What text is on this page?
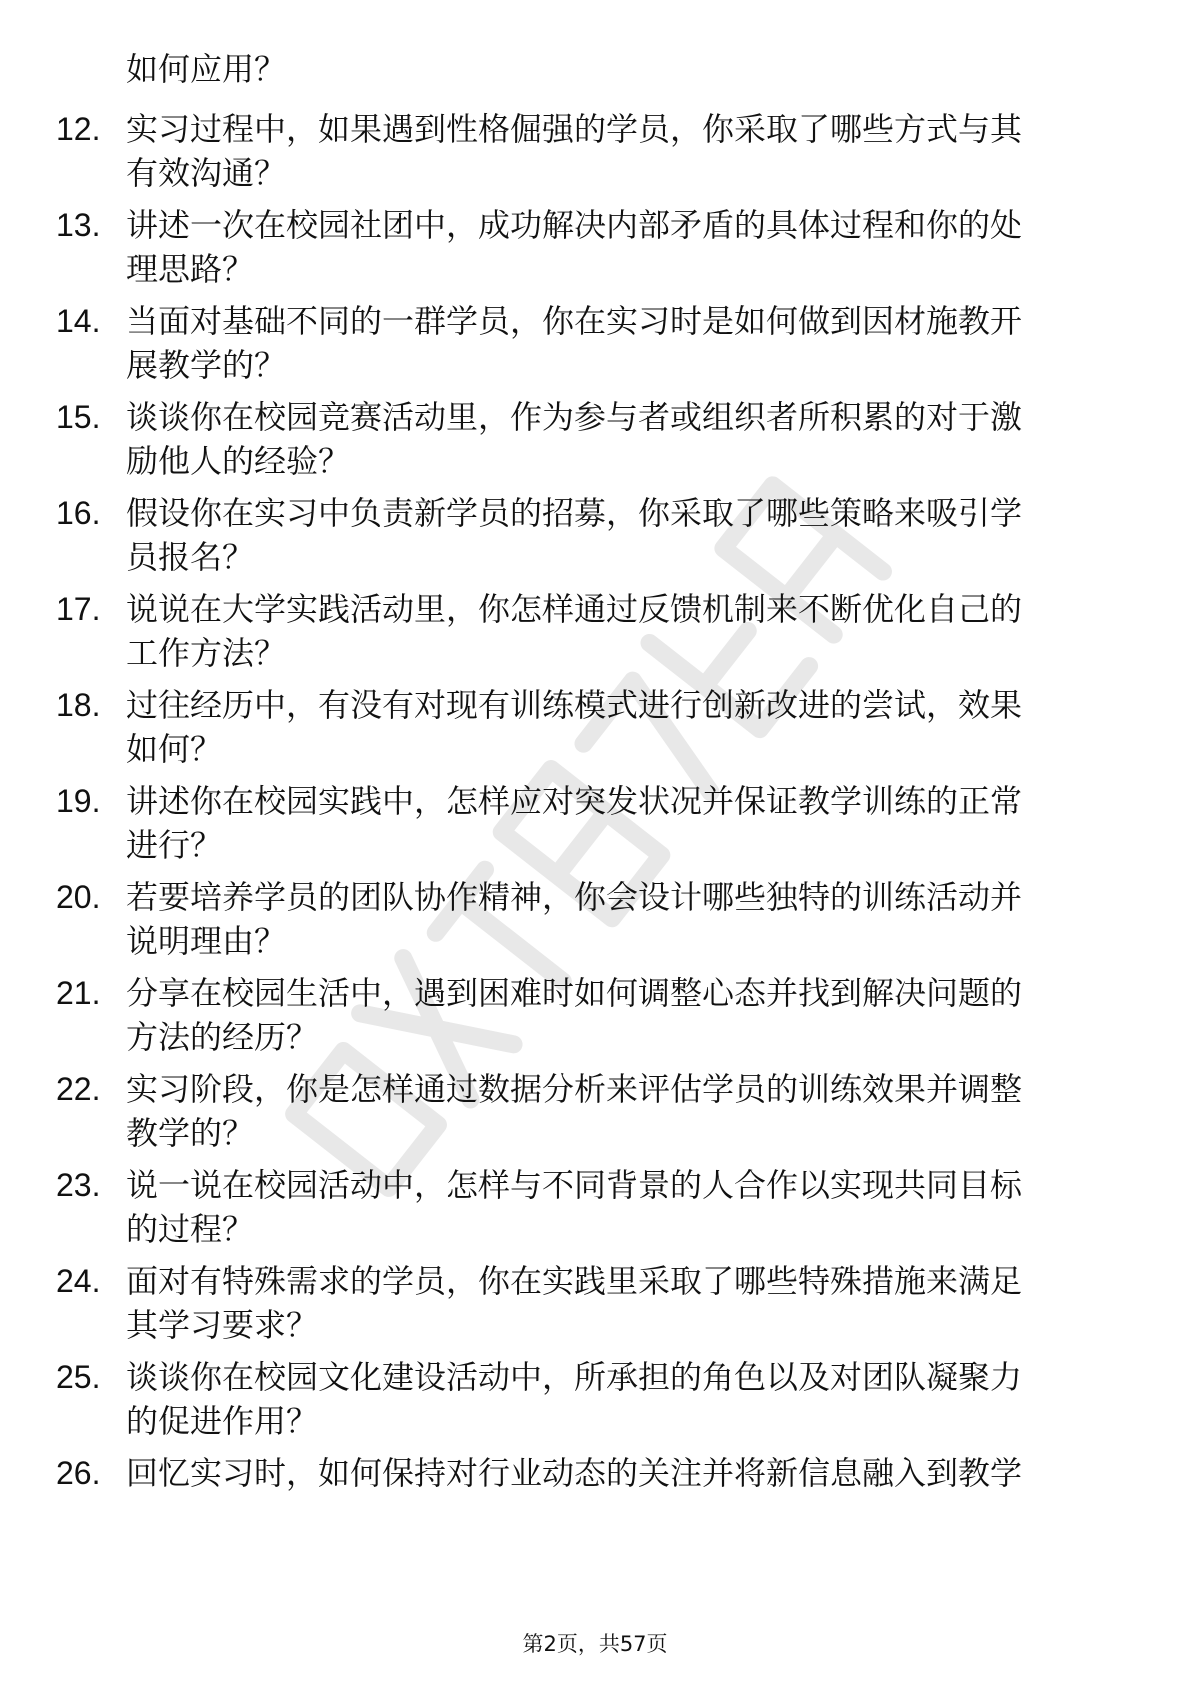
如何应用？
12. 实习过程中，如果遇到性格倔强的学员，你采取了哪些方式与其
有效沟通？
13. 讲述一次在校园社团中，成功解决内部矛盾的具体过程和你的处
理思路？
14. 当面对基础不同的一群学员，你在实习时是如何做到因材施教开
展教学的？
15. 谈谈你在校园竞赛活动里，作为参与者或组织者所积累的对于激
励他人的经验？
16. 假设你在实习中负责新学员的招募，你采取了哪些策略来吸引学
员报名？
17. 说说在大学实践活动里，你怎样通过反馈机制来不断优化自己的
工作方法？
18. 过往经历中，有没有对现有训练模式进行创新改进的尝试，效果
如何？
19. 讲述你在校园实践中，怎样应对突发状况并保证教学训练的正常
进行？
20. 若要培养学员的团队协作精神，你会设计哪些独特的训练活动并
说明理由？
21. 分享在校园生活中，遇到困难时如何调整心态并找到解决问题的
方法的经历？
22. 实习阶段，你是怎样通过数据分析来评估学员的训练效果并调整
教学的？
23. 说一说在校园活动中，怎样与不同背景的人合作以实现共同目标
的过程？
24. 面对有特殊需求的学员，你在实践里采取了哪些特殊措施来满足
其学习要求？
25. 谈谈你在校园文化建设活动中，所承担的角色以及对团队凝聚力
的促进作用？
26. 回忆实习时，如何保持对行业动态的关注并将新信息融入到教学
第2页，共57页
